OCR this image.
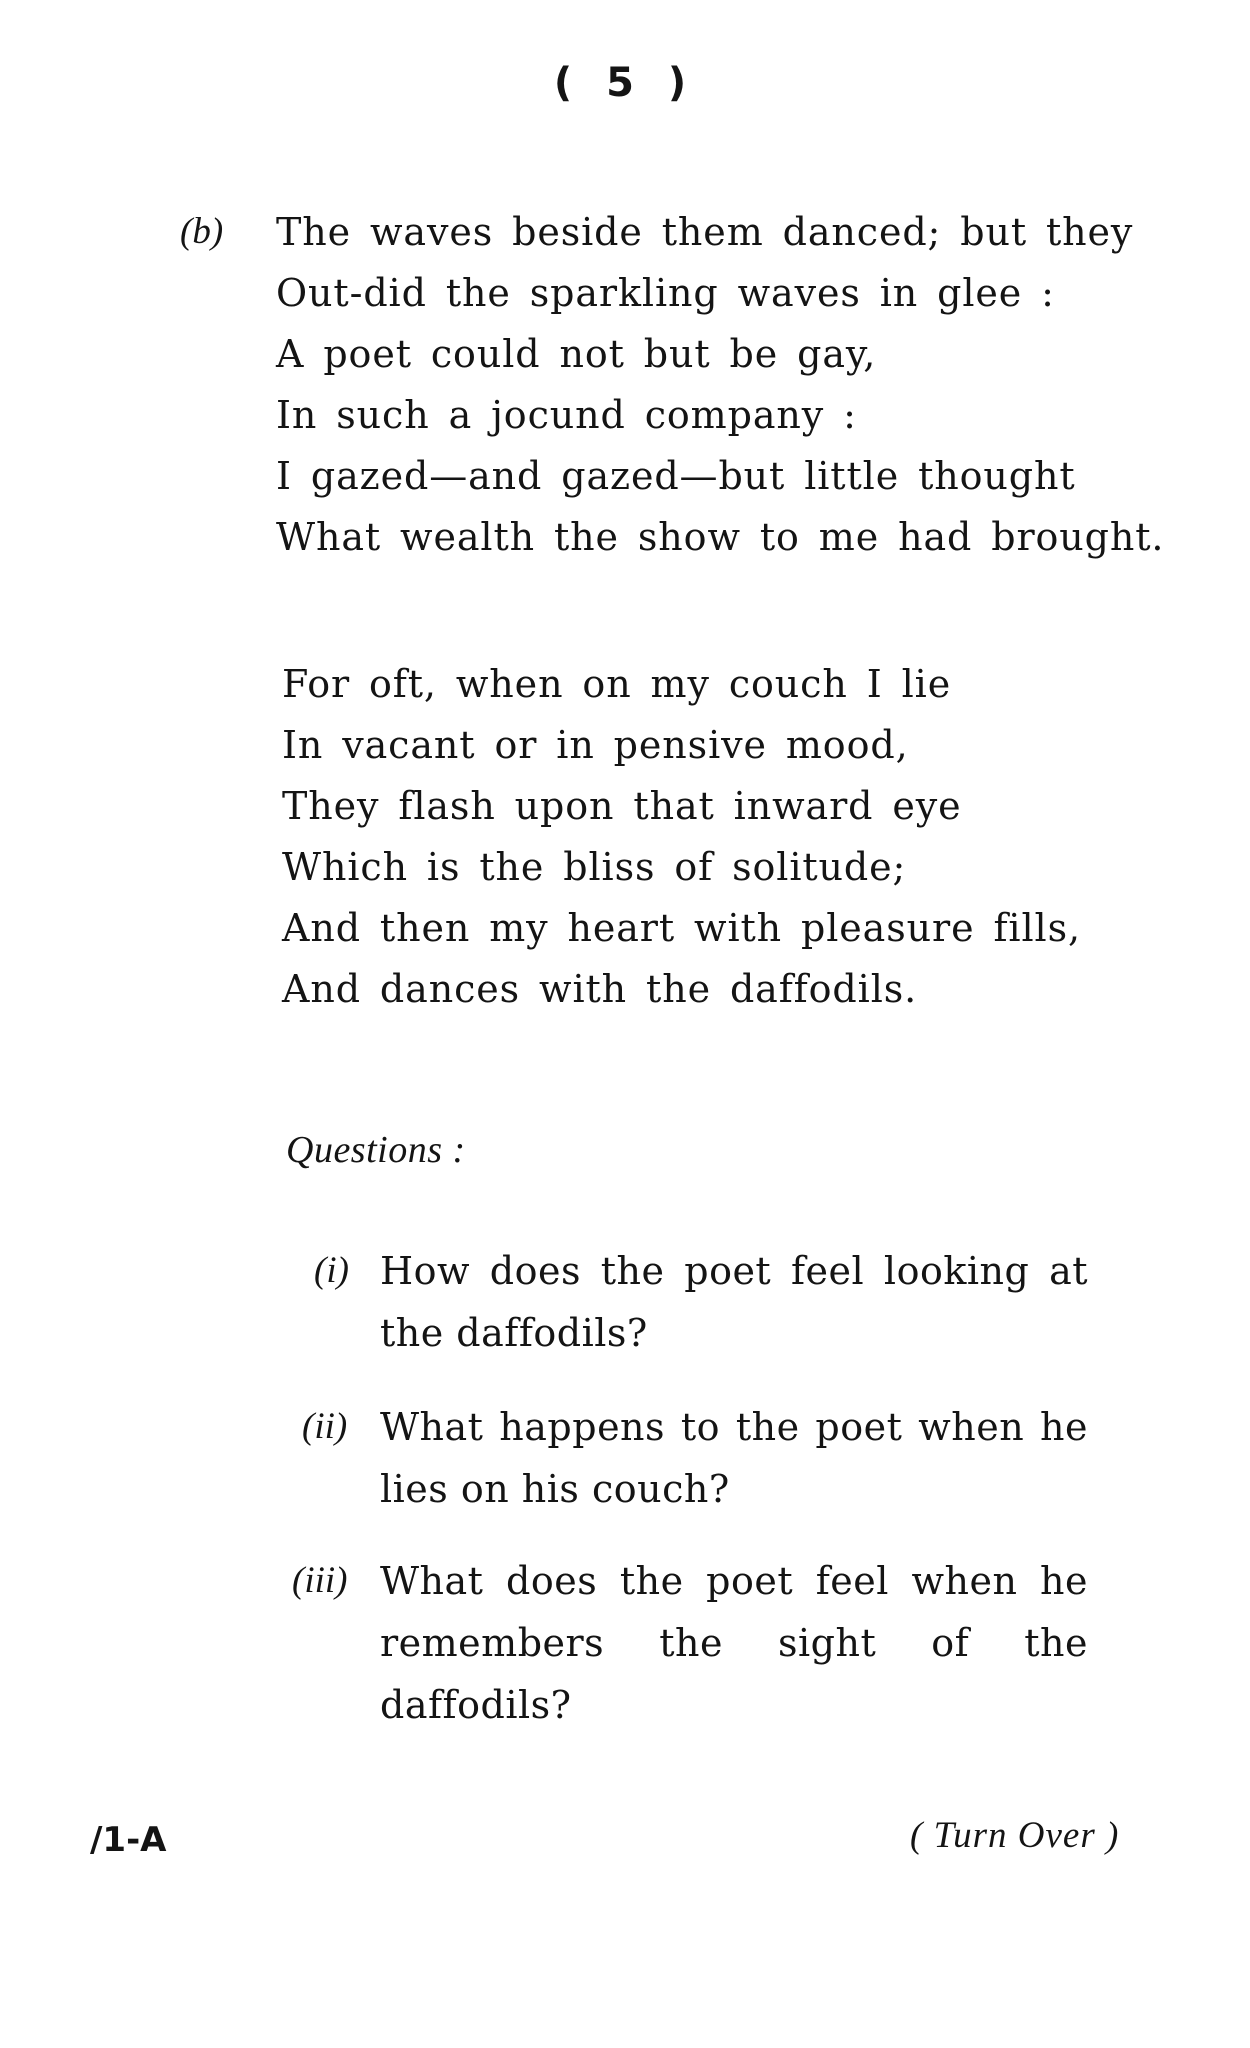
( 5 )
(b) The waves beside them danced; but they
Out-did the sparkling waves in glee :
A poet could not but be gay,
In such a jocund company :
I gazed—and gazed—but little thought
What wealth the show to me had brought.
For oft, when on my couch I lie
In vacant or in pensive mood,
They flash upon that inward eye
Which is the bliss of solitude;
And then my heart with pleasure fills,
And dances with the daffodils.
Questions :
(i) How does the poet feel looking at the daffodils?
(ii) What happens to the poet when he lies on his couch?
(iii) What does the poet feel when he remembers the sight of the daffodils?
/1-A	( Turn Over )
